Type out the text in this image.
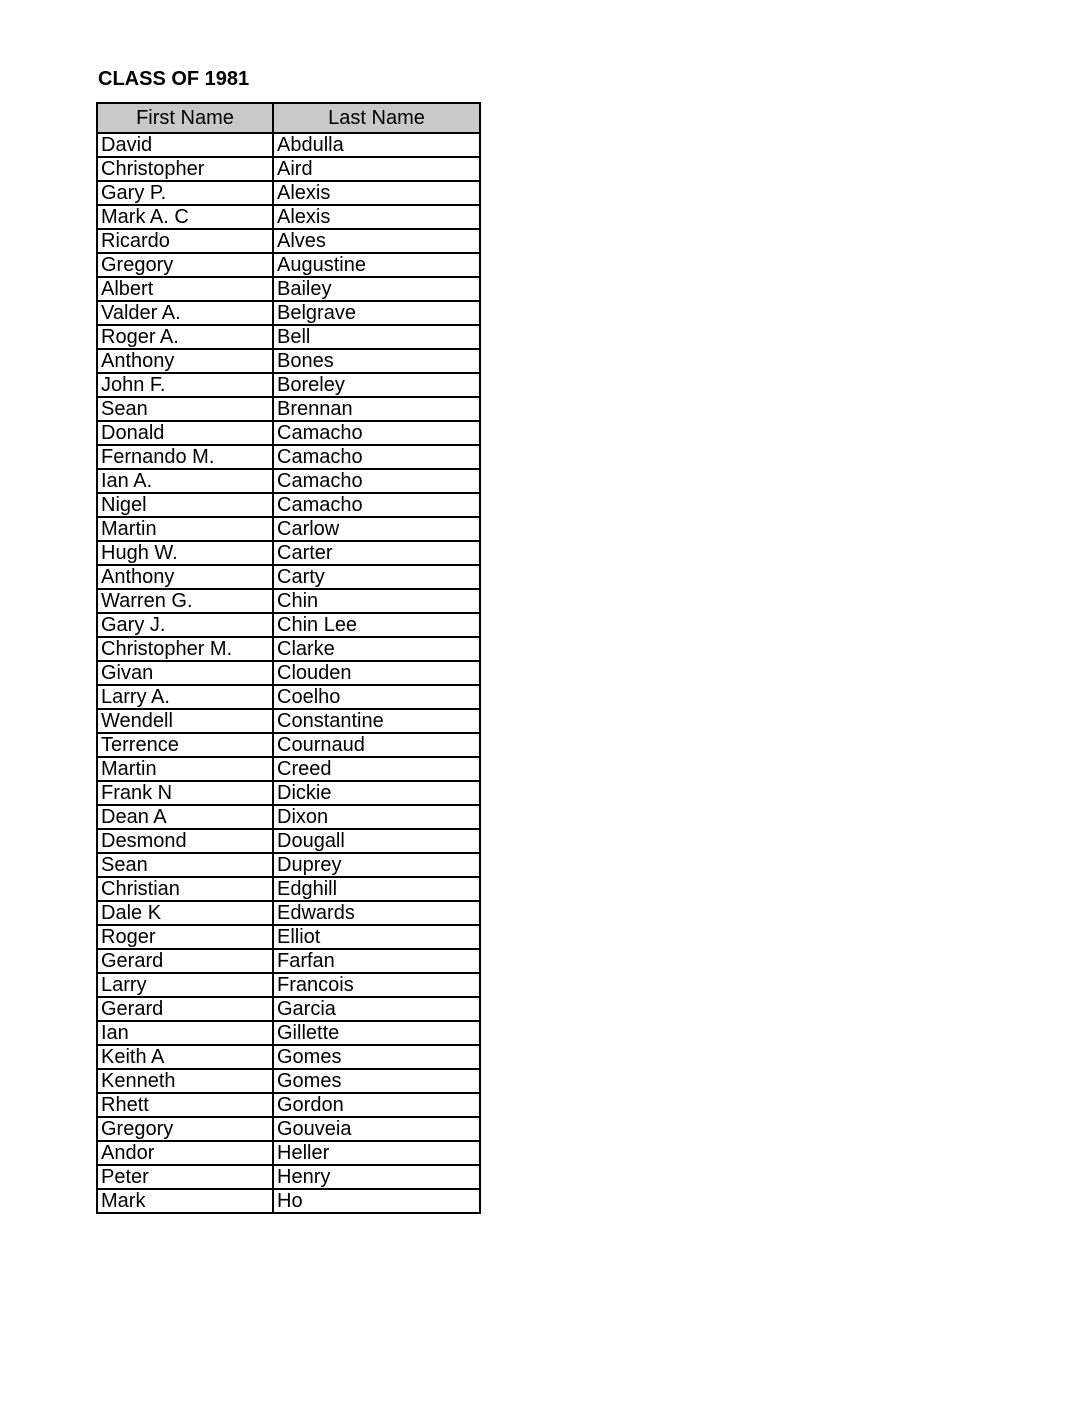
CLASS OF 1981
First Name	Last Name
David	Abdulla
Christopher	Aird
Gary P.	Alexis
Mark A. C	Alexis
Ricardo	Alves
Gregory	Augustine
Albert	Bailey
Valder A.	Belgrave
Roger A.	Bell
Anthony	Bones
John F.	Boreley
Sean	Brennan
Donald	Camacho
Fernando M.	Camacho
Ian A.	Camacho
Nigel	Camacho
Martin	Carlow
Hugh W.	Carter
Anthony	Carty
Warren G.	Chin
Gary J.	Chin Lee
Christopher M.	Clarke
Givan	Clouden
Larry A.	Coelho
Wendell	Constantine
Terrence	Cournaud
Martin	Creed
Frank N	Dickie
Dean A	Dixon
Desmond	Dougall
Sean	Duprey
Christian	Edghill
Dale K	Edwards
Roger	Elliot
Gerard	Farfan
Larry	Francois
Gerard	Garcia
Ian	Gillette
Keith A	Gomes
Kenneth	Gomes
Rhett	Gordon
Gregory	Gouveia
Andor	Heller
Peter	Henry
Mark	Ho
